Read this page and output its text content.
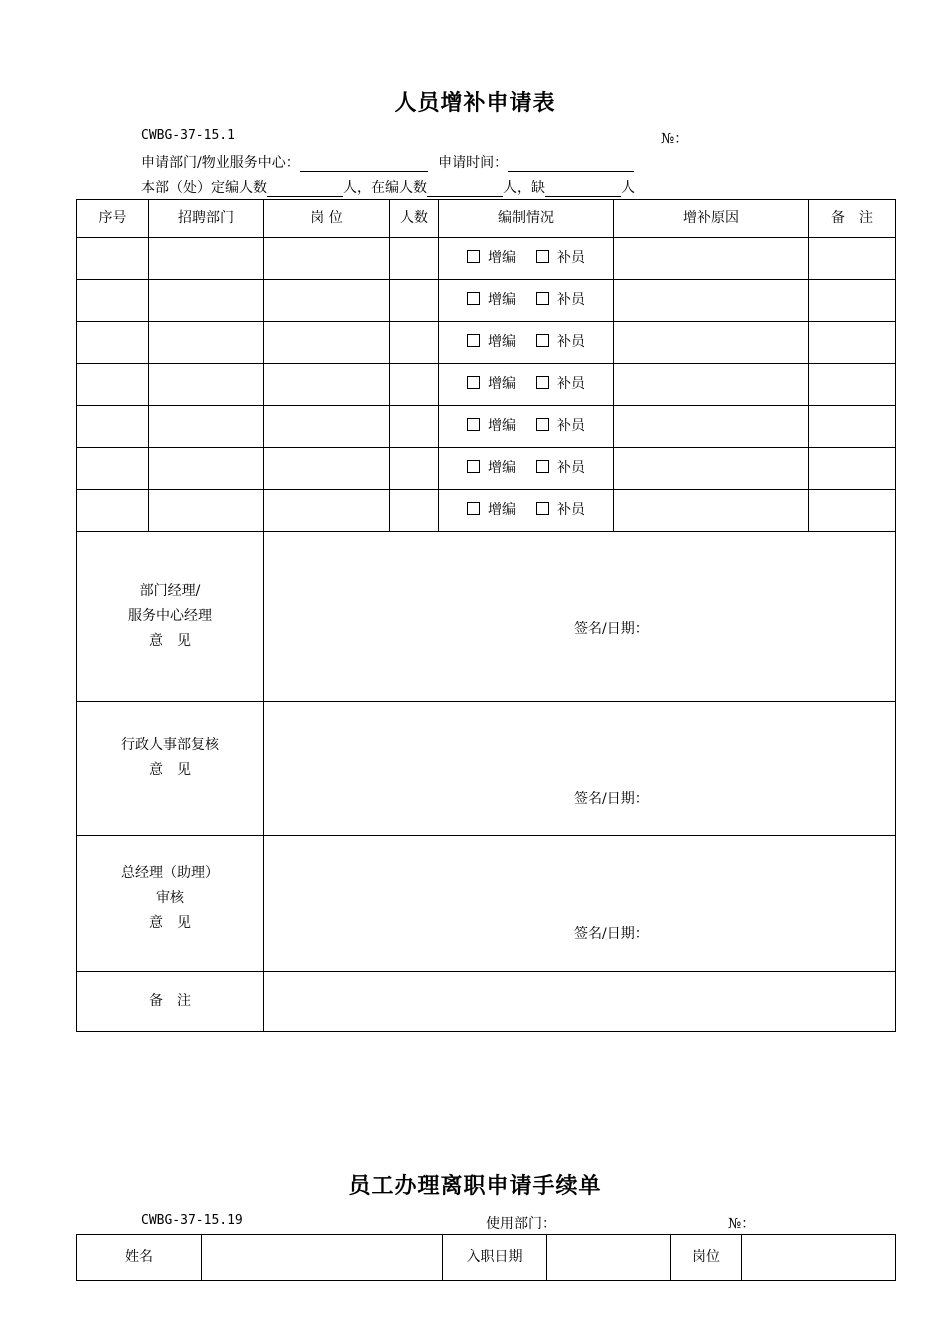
人员增补申请表
CWBG-37-15.1	№：
申请部门/物业服务中心：	申请时间：
本部（处）定编人数	人，在编人数	人，缺	人
序号	招聘部门	岗 位	人数	编制情况	增补原因	备　注
				增编 补员		
				增编 补员		
				增编 补员		
				增编 补员		
				增编 补员		
				增编 补员		
				增编 补员		

部门经理/
服务中心经理
意　见		签名/日期：				

行政人事部复核
意　见		签名/日期：				

总经理（助理）
审核
意　见		签名/日期：				

备　注						
员工办理离职申请手续单
CWBG-37-15.19	使用部门：	№：
姓名		入职日期		岗位	
